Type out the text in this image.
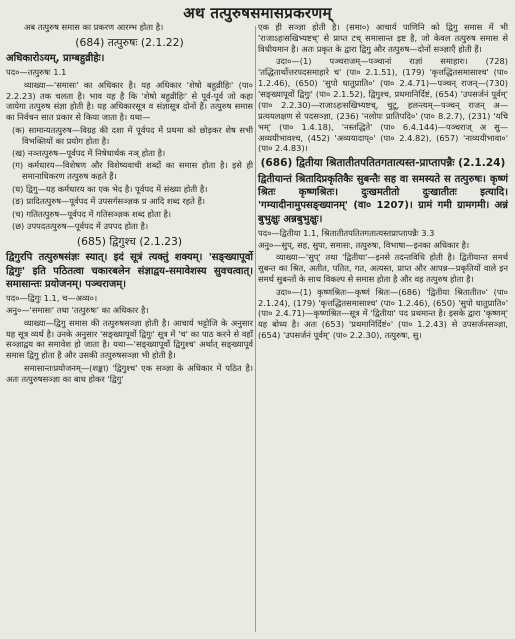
अथ तत्पुरुषसमासप्रकरणम्

अब तत्पुरुष समास का प्रकरण आरम्भ होता है।

(684) तत्पुरुषः (2.1.22)

अधिकारोऽयम्, प्राग्बहुव्रीहेः।

पद०—तत्पुरुषः 1.1

व्याख्या—'समासः' का अधिकार है। यह अधिकार 'शेषो बहुव्रीहिः' (पा० 2.2.23) तक चलता है। भाव यह है कि 'शेषो बहुव्रीहिः' से पूर्व-पूर्व जो कहा जायेगा तत्पुरुष संज्ञा होती है। यह अधिकारसूत्र व संज्ञासूत्र दोनों हैं। तत्पुरुष समास का निर्वचन सात प्रकार से किया जाता है। यथा—

(क) सामान्यतत्पुरुष—विग्रह की दशा में पूर्वपद में प्रथमा को छोड़कर शेष सभी विभक्तियों का प्रयोग होता है।

(ख) नञ्तत्पुरुष—पूर्वपद में निषेधार्थक नञ् होता है।

(ग) कर्मधारय—विशेषण और विशेष्यवाची शब्दों का समास होता है। इसे ही समानाधिकरण तत्पुरुष कहते हैं।

(घ) द्विगु—यह कर्मधारय का एक भेद है। पूर्वपद में संख्या होती है।

(ङ) प्रादितत्पुरुष—पूर्वपद में उपसर्गसञ्ज्ञक प्र आदि शब्द रहते हैं।

(च) गतितत्पुरुष—पूर्वपद में गतिसञ्ज्ञक शब्द होता है।

(छ) उपपदतत्पुरुष—पूर्वपद में उपपद होता है।

(685) द्विगुश्च (2.1.23)

द्विगुरपि तत्पुरुषसंज्ञः स्यात्। इदं सूत्रं त्यक्तुं शक्यम्। 'सङ्ख्यापूर्वो द्विगुः' इति पठितत्वा चकारबलेन संज्ञाद्वय-समावेशस्य सुवचत्वात्। समासान्तः प्रयोजनम्। पञ्चराजम्।

पद०—द्विगुः 1.1, च—अव्य०।

अनु०—'समासः' तथा 'तत्पुरुषः' का अधिकार है।

व्याख्या—द्विगु समास की तत्पुरुषसञ्ज्ञा होती है। आचार्य भट्टोजि के अनुसार यह सूत्र व्यर्थ है। उनके अनुसार 'सङ्ख्यापूर्वो द्विगुः' सूत्र में 'च' का पाठ करने से वहाँ सञ्ज्ञाद्वय का समावेश हो जाता है। यथा—'सङ्ख्यापूर्वो द्विगुश्च' अर्थात् सङ्ख्यापूर्व समास द्विगु होता है और उसकी तत्पुरुषसञ्ज्ञा भी होती है।

समासान्तःप्रयोजनम्—(शङ्का) 'द्विगुश्च' एक सञ्ज्ञा के अधिकार में पठित है। अतः तत्पुरुषसञ्ज्ञा का बाध होकर 'द्विगु'

एक ही सञ्ज्ञा होती है। (समा०) आचार्य पाणिनि को द्विगु समास में भी 'राजाऽहःसखिभ्यष्टच्' से प्राप्त टच् समासान्त इष्ट है, जो केवल तत्पुरुष समास से विधीयमान है। अतः प्रकृत के द्वारा द्विगु और तत्पुरुष—दोनों सञ्ज्ञाएँ होती हैं।

उदा०—(1) पञ्चराजम्—पञ्चानां राज्ञां समाहारः। (728) 'तद्धितार्थोत्तरपदसमाहारे च' (पा० 2.1.51), (179) 'कृत्तद्धितसमासाश्च' (पा० 1.2.46), (650) 'सुपो धातुप्राति०' (पा० 2.4.71)—पञ्चन् राजन्—(730) 'सङ्ख्यापूर्वो द्विगुः' (पा० 2.1.52), द्विगुश्च, प्रथमानिर्दिष्टं, (654) 'उपसर्जनं पूर्वम्' (पा० 2.2.30)—राजाऽहःसखिभ्यष्टच्, चुटू, हलन्त्यम्—पञ्चन् राजन् अ—प्रत्ययलक्षण से पदसञ्ज्ञा, (236) 'नलोपः प्रातिपदि०' (पा० 8.2.7), (231) 'यचि भम्' (पा० 1.4.18), 'नस्तद्धिते' (पा० 6.4.144)—पञ्चराज् अ सु—अव्ययीभावश्च, (452) 'अव्ययादाप्०' (पा० 2.4.82), (657) 'नाव्ययीभावा०' (पा० 2.4.83)।

(686) द्वितीया श्रितातीतपतितगतात्यस्त-प्राप्तापन्नैः (2.1.24)

द्वितीयान्तं श्रितादिप्रकृतिकैः सुबन्तैः सह वा समस्यते स तत्पुरुषः। कृष्णं श्रितः कृष्णश्रितः। दुःखमतीतो दुःखातीतः इत्यादि। 'गम्यादीनामुपसङ्ख्यानम्' (वा० 1207)। ग्रामं गमी ग्रामगमी। अन्नं बुभुक्षुः अन्नबुभुक्षुः।

पद०—द्वितीया 1.1, श्रितातीतपतितगतात्यस्तप्राप्तापन्नैः 3.3

अनु०—सुप्, सह, सुपा, समासः, तत्पुरुषः, विभाषा—इनका अधिकार है।

व्याख्या—'सुप्' तथा 'द्वितीया'—इनसे तदन्तविधि होती है। द्वितीयान्त समर्थ सुबन्त का श्रित, अतीत, पतित, गत, अत्यस्त, प्राप्त और आपन्न—प्रकृतियों वाले इन समर्थ सुबन्तों के साथ विकल्प से समास होता है और वह तत्पुरुष होता है।

उदा०—(1) कृष्णश्रितः—कृष्णं श्रितः—(686) 'द्वितीया श्रितातीत०' (पा० 2.1.24), (179) 'कृत्तद्धितसमासाश्च' (पा० 1.2.46), (650) 'सुपो धातुप्राति०' (पा० 2.4.71)—कृष्णश्रित—सूत्र में 'द्वितीया' पद प्रथमान्त है। इसके द्वारा 'कृष्णम्' यह बोध्य है। अतः (653) 'प्रथमानिर्दिष्टं०' (पा० 1.2.43) से उपसर्जनसञ्ज्ञा, (654) 'उपसर्जनं पूर्वम्' (पा० 2.2.30), तत्पुरुषः, सु।
